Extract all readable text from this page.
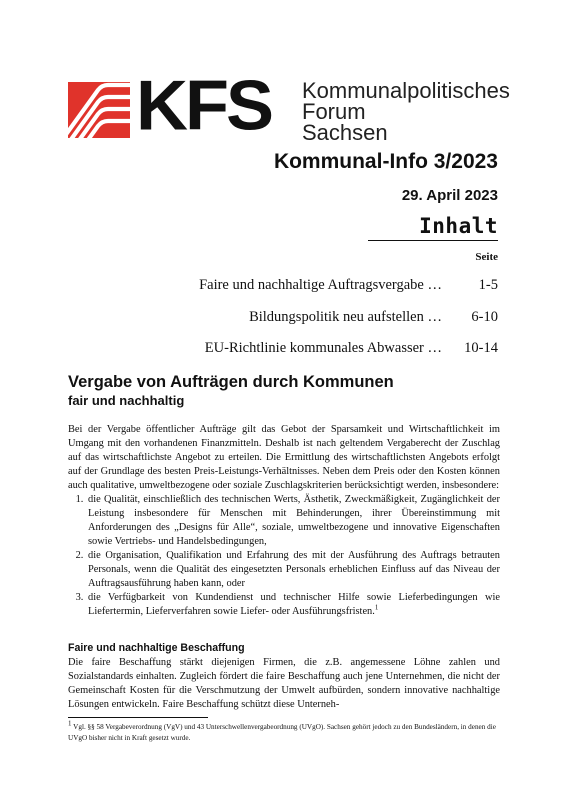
KFS Kommunalpolitisches
Forum
Sachsen
Kommunal-Info 3/2023
29. April 2023
Inhalt
Seite
Faire und nachhaltige Auftragsvergabe …	1-5
Bildungspolitik neu aufstellen …	6-10
EU-Richtlinie kommunales Abwasser …	10-14
Vergabe von Aufträgen durch Kommunen
fair und nachhaltig

Bei der Vergabe öffentlicher Aufträge gilt das Gebot der Sparsamkeit und Wirtschaftlichkeit im Umgang mit den vorhandenen Finanzmitteln. Deshalb ist nach geltendem Vergaberecht der Zuschlag auf das wirtschaftlichste Angebot zu erteilen. Die Ermittlung des wirtschaftlichsten Angebots erfolgt auf der Grundlage des besten Preis-Leistungs-Verhältnisses. Neben dem Preis oder den Kosten können auch qualitative, umweltbezogene oder soziale Zuschlagskriterien berücksichtigt werden, insbesondere:

1. die Qualität, einschließlich des technischen Werts, Ästhetik, Zweckmäßigkeit, Zugänglichkeit der Leistung insbesondere für Menschen mit Behinderungen, ihrer Übereinstimmung mit Anforderungen des „Designs für Alle“, soziale, umweltbezogene und innovative Eigenschaften sowie Vertriebs- und Handelsbedingungen,
2. die Organisation, Qualifikation und Erfahrung des mit der Ausführung des Auftrags betrauten Personals, wenn die Qualität des eingesetzten Personals erheblichen Einfluss auf das Niveau der Auftragsausführung haben kann, oder
3. die Verfügbarkeit von Kundendienst und technischer Hilfe sowie Lieferbedingungen wie Liefertermin, Lieferverfahren sowie Liefer- oder Ausführungsfristen.$^1$
Faire und nachhaltige Beschaffung
Die faire Beschaffung stärkt diejenigen Firmen, die z.B. angemessene Löhne zahlen und Sozialstandards einhalten. Zugleich fördert die faire Beschaffung auch jene Unternehmen, die nicht der Gemeinschaft Kosten für die Verschmutzung der Umwelt aufbürden, sondern innovative nachhaltige Lösungen entwickeln. Faire Beschaffung schützt diese Unterneh-
$^1$ Vgl. §§ 58 Vergabeverordnung (VgV) und 43 Unterschwellenvergabeordnung (UVgO). Sachsen gehört jedoch zu den Bundesländern, in denen die UVgO bisher nicht in Kraft gesetzt wurde.
